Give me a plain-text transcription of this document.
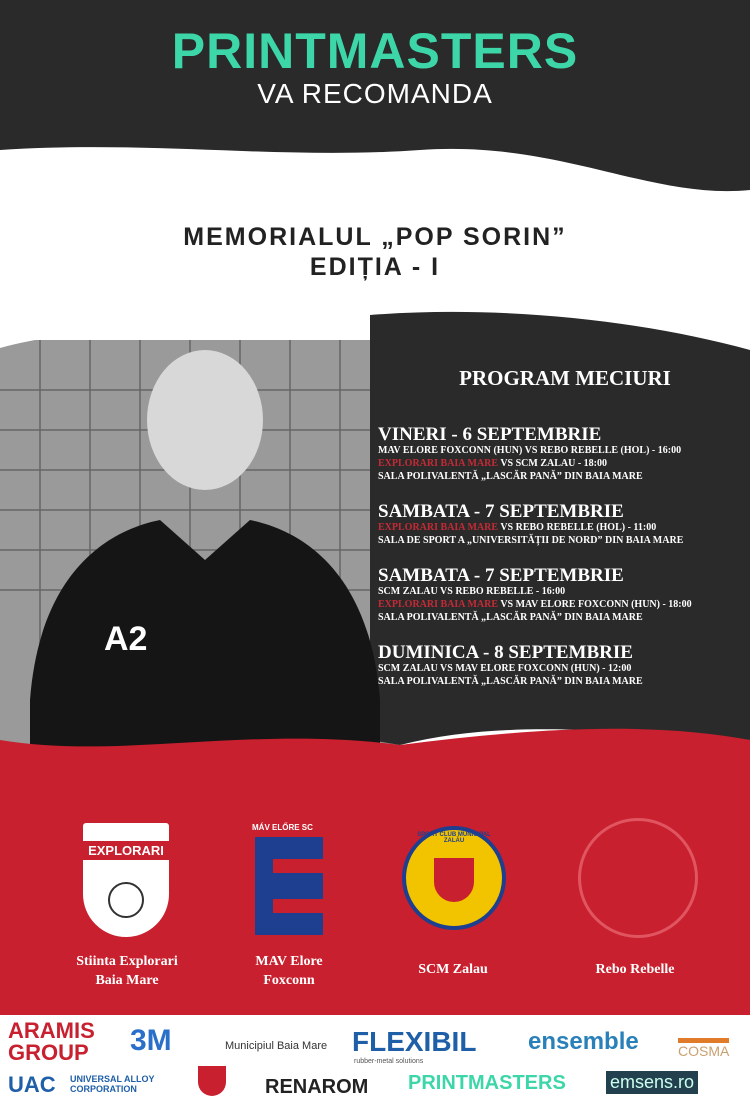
PRINTMASTERS
VA RECOMANDA
MEMORIALUL „POP SORIN”
EDIȚIA - I
A2
PROGRAM MECIURI
VINERI - 6 SEPTEMBRIE

MAV ELORE FOXCONN (HUN) VS REBO REBELLE (HOL) - 16:00

EXPLORARI BAIA MARE VS SCM ZALAU - 18:00

SALA POLIVALENTĂ „LASCĂR PANĂ” DIN BAIA MARE

SAMBATA - 7 SEPTEMBRIE

EXPLORARI BAIA MARE VS REBO REBELLE (HOL) - 11:00

SALA DE SPORT A „UNIVERSITĂȚII DE NORD” DIN BAIA MARE

SAMBATA - 7 SEPTEMBRIE

SCM ZALAU VS REBO REBELLE - 16:00

EXPLORARI BAIA MARE VS MAV ELORE FOXCONN (HUN) - 18:00

SALA POLIVALENTĂ „LASCĂR PANĂ” DIN BAIA MARE

DUMINICA - 8 SEPTEMBRIE

SCM ZALAU VS MAV ELORE FOXCONN (HUN) - 12:00

SALA POLIVALENTĂ „LASCĂR PANĂ” DIN BAIA MARE

EXPLORARI
MÁV ELŐRE SC
SPORT CLUB MUNICIPAL ZALĂU
Stiinta Explorari
Baia Mare
MAV Elore
Foxconn
SCM Zalau	Rebo Rebelle
ARAMIS GROUP	3M	Municipiul Baia Mare FLEXIBIL
rubber-metal solutions
ensemble	COSMA
UAC UNIVERSAL ALLOY CORPORATION	RENAROM PRINTMASTERS emsens.ro
